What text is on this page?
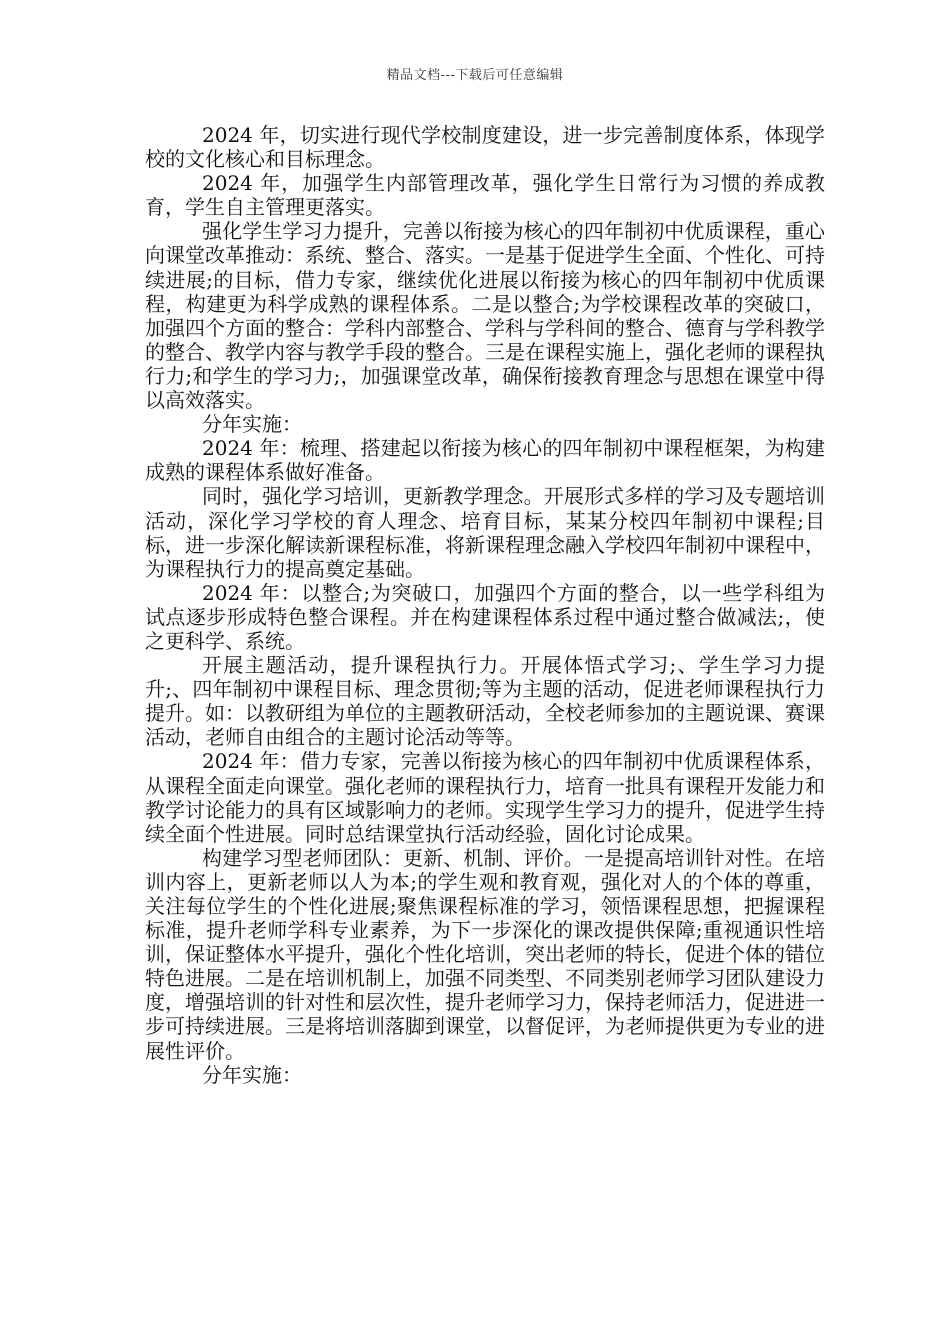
精品文档---下载后可任意编辑

2024 年，切实进行现代学校制度建设，进一步完善制度体系，体现学校的文化核心和目标理念。

2024 年，加强学生内部管理改革，强化学生日常行为习惯的养成教育，学生自主管理更落实。

强化学生学习力提升，完善以衔接为核心的四年制初中优质课程，重心向课堂改革推动：系统、整合、落实。一是基于促进学生全面、个性化、可持续进展;的目标，借力专家，继续优化进展以衔接为核心的四年制初中优质课程，构建更为科学成熟的课程体系。二是以整合;为学校课程改革的突破口，加强四个方面的整合：学科内部整合、学科与学科间的整合、德育与学科教学的整合、教学内容与教学手段的整合。三是在课程实施上，强化老师的课程执行力;和学生的学习力;，加强课堂改革，确保衔接教育理念与思想在课堂中得以高效落实。

分年实施：

2024 年：梳理、搭建起以衔接为核心的四年制初中课程框架，为构建成熟的课程体系做好准备。

同时，强化学习培训，更新教学理念。开展形式多样的学习及专题培训活动，深化学习学校的育人理念、培育目标，某某分校四年制初中课程;目标，进一步深化解读新课程标准，将新课程理念融入学校四年制初中课程中，为课程执行力的提高奠定基础。

2024 年：以整合;为突破口，加强四个方面的整合，以一些学科组为试点逐步形成特色整合课程。并在构建课程体系过程中通过整合做减法;，使之更科学、系统。

开展主题活动，提升课程执行力。开展体悟式学习;、学生学习力提升;、四年制初中课程目标、理念贯彻;等为主题的活动，促进老师课程执行力提升。如：以教研组为单位的主题教研活动，全校老师参加的主题说课、赛课活动，老师自由组合的主题讨论活动等等。

2024 年：借力专家，完善以衔接为核心的四年制初中优质课程体系，从课程全面走向课堂。强化老师的课程执行力，培育一批具有课程开发能力和教学讨论能力的具有区域影响力的老师。实现学生学习力的提升，促进学生持续全面个性进展。同时总结课堂执行活动经验，固化讨论成果。

构建学习型老师团队：更新、机制、评价。一是提高培训针对性。在培训内容上，更新老师以人为本;的学生观和教育观，强化对人的个体的尊重，关注每位学生的个性化进展;聚焦课程标准的学习，领悟课程思想，把握课程标准，提升老师学科专业素养，为下一步深化的课改提供保障;重视通识性培训，保证整体水平提升，强化个性化培训，突出老师的特长，促进个体的错位特色进展。二是在培训机制上，加强不同类型、不同类别老师学习团队建设力度，增强培训的针对性和层次性，提升老师学习力，保持老师活力，促进进一步可持续进展。三是将培训落脚到课堂，以督促评，为老师提供更为专业的进展性评价。

分年实施：
